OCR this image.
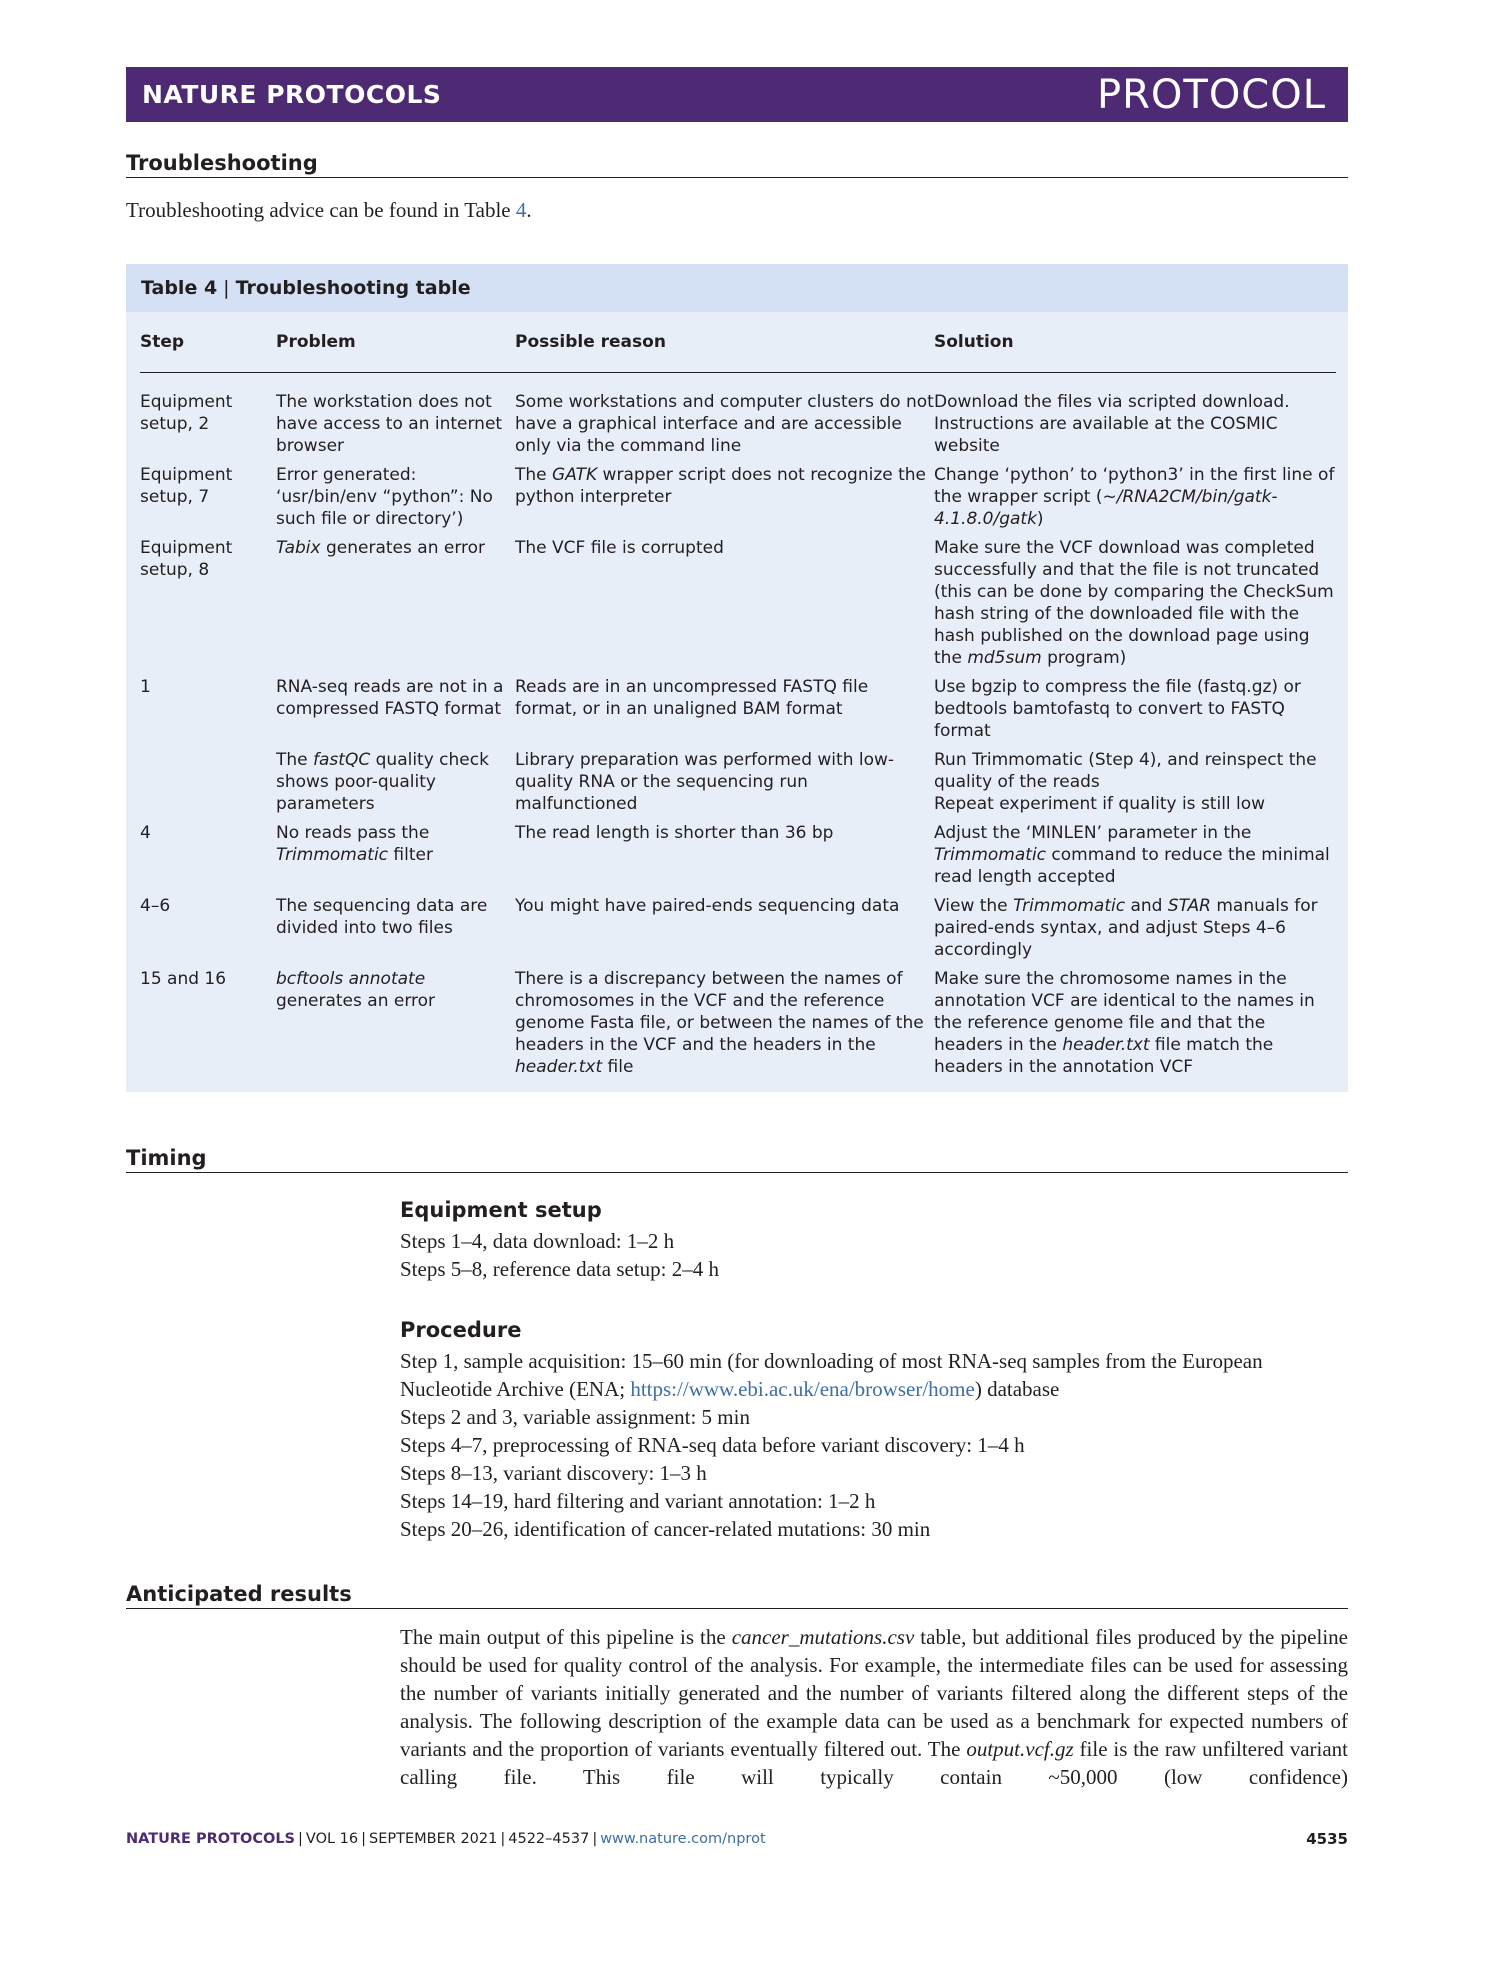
NATURE PROTOCOLS	PROTOCOL
Troubleshooting
Troubleshooting advice can be found in Table 4.
Table 4 | Troubleshooting table
Step	Problem	Possible reason	Solution
Equipment setup, 2	The workstation does not have access to an internet browser	Some workstations and computer clusters do not have a graphical interface and are accessible only via the command line	Download the files via scripted download. Instructions are available at the COSMIC website
Equipment setup, 7	Error generated: ‘usr/bin/env “python”: No such file or directory’)	The GATK wrapper script does not recognize the python interpreter	Change ‘python’ to ‘python3’ in the first line of the wrapper script (~/RNA2CM/bin/gatk-4.1.8.0/gatk)
Equipment setup, 8	Tabix generates an error	The VCF file is corrupted	Make sure the VCF download was completed successfully and that the file is not truncated (this can be done by comparing the CheckSum hash string of the downloaded file with the hash published on the download page using the md5sum program)
1	RNA-seq reads are not in a compressed FASTQ format	Reads are in an uncompressed FASTQ file format, or in an unaligned BAM format	Use bgzip to compress the file (fastq.gz) or bedtools bamtofastq to convert to FASTQ format
	The fastQC quality check shows poor-quality parameters	Library preparation was performed with low-quality RNA or the sequencing run malfunctioned	Run Trimmomatic (Step 4), and reinspect the quality of the reads
Repeat experiment if quality is still low

4	No reads pass the Trimmomatic filter	The read length is shorter than 36 bp	Adjust the ‘MINLEN’ parameter in the Trimmomatic command to reduce the minimal read length accepted
4–6	The sequencing data are divided into two files	You might have paired-ends sequencing data	View the Trimmomatic and STAR manuals for paired-ends syntax, and adjust Steps 4–6 accordingly
15 and 16	bcftools annotate generates an error	There is a discrepancy between the names of chromosomes in the VCF and the reference genome Fasta file, or between the names of the headers in the VCF and the headers in the header.txt file	Make sure the chromosome names in the annotation VCF are identical to the names in the reference genome file and that the headers in the header.txt file match the headers in the annotation VCF
Timing
Equipment setup
Steps 1–4, data download: 1–2 h
Steps 5–8, reference data setup: 2–4 h
Procedure
Step 1, sample acquisition: 15–60 min (for downloading of most RNA-seq samples from the European Nucleotide Archive (ENA; https://www.ebi.ac.uk/ena/browser/home) database
Steps 2 and 3, variable assignment: 5 min
Steps 4–7, preprocessing of RNA-seq data before variant discovery: 1–4 h
Steps 8–13, variant discovery: 1–3 h
Steps 14–19, hard filtering and variant annotation: 1–2 h
Steps 20–26, identification of cancer-related mutations: 30 min
Anticipated results

The main output of this pipeline is the cancer_mutations.csv table, but additional files produced by the pipeline should be used for quality control of the analysis. For example, the intermediate files can be used for assessing the number of variants initially generated and the number of variants filtered along the different steps of the analysis. The following description of the example data can be used as a benchmark for expected numbers of variants and the proportion of variants eventually filtered out. The output.vcf.gz file is the raw unfiltered variant calling file. This file will typically contain ~50,000 (low confidence)

NATURE PROTOCOLS | VOL 16 | SEPTEMBER 2021 | 4522–4537 | www.nature.com/nprot	4535
